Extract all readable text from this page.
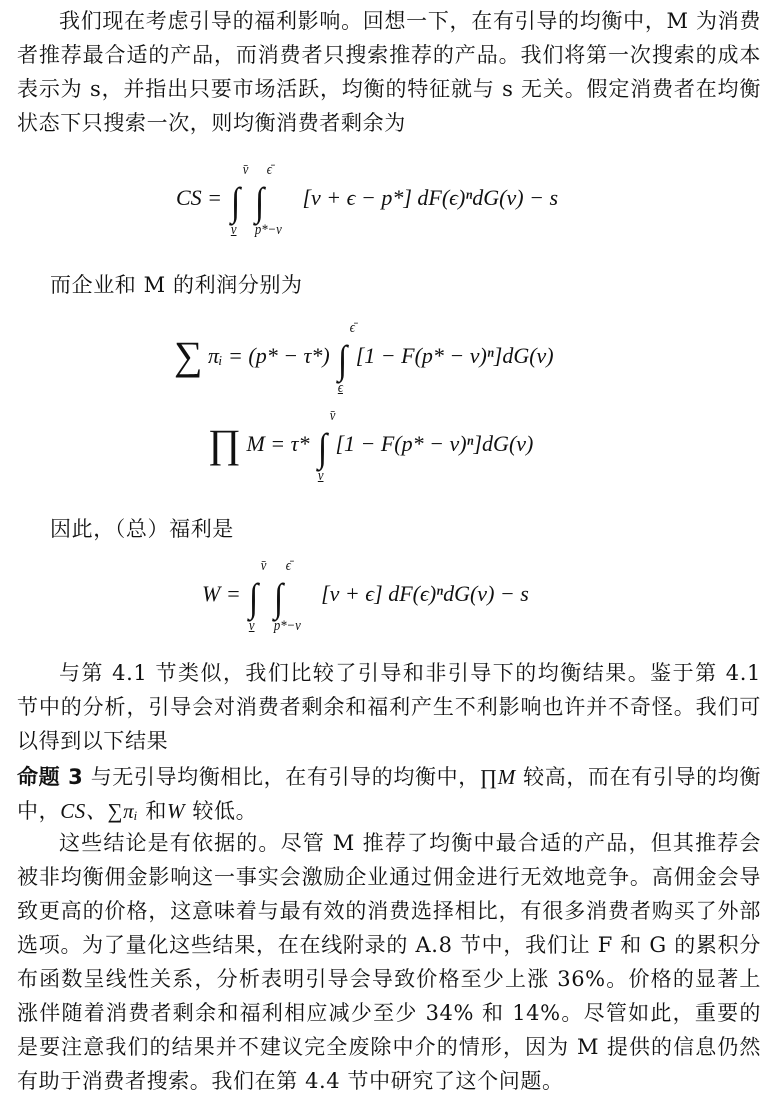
我们现在考虑引导的福利影响。回想一下，在有引导的均衡中，M 为消费者推荐最合适的产品，而消费者只搜索推荐的产品。我们将第一次搜索的成本表示为 s，并指出只要市场活跃，均衡的特征就与 s 无关。假定消费者在均衡状态下只搜索一次，则均衡消费者剩余为

CS = ∫
v̄
v
∫
ϵ̄
p*−v
[v + ϵ − p*] dF(ϵ)ⁿdG(v) − s

而企业和 M 的利润分别为

∑ πᵢ = (p* − τ*) ∫
ϵ̄
ϵ
[1 − F(p* − v)ⁿ]dG(v)
∏ M = τ* ∫
v̄
v
[1 − F(p* − v)ⁿ]dG(v)

因此，（总）福利是

W = ∫
v̄
v
∫
ϵ̄
p*−v
[v + ϵ] dF(ϵ)ⁿdG(v) − s

与第 4.1 节类似，我们比较了引导和非引导下的均衡结果。鉴于第 4.1 节中的分析，引导会对消费者剩余和福利产生不利影响也许并不奇怪。我们可以得到以下结果

命题 3 与无引导均衡相比，在有引导的均衡中，∏M 较高，而在有引导的均衡中，CS、∑πᵢ 和W 较低。

这些结论是有依据的。尽管 M 推荐了均衡中最合适的产品，但其推荐会被非均衡佣金影响这一事实会激励企业通过佣金进行无效地竞争。高佣金会导致更高的价格，这意味着与最有效的消费选择相比，有很多消费者购买了外部选项。为了量化这些结果，在在线附录的 A.8 节中，我们让 F 和 G 的累积分布函数呈线性关系，分析表明引导会导致价格至少上涨 36%。价格的显著上涨伴随着消费者剩余和福利相应减少至少 34% 和 14%。尽管如此，重要的是要注意我们的结果并不建议完全废除中介的情形，因为 M 提供的信息仍然有助于消费者搜索。我们在第 4.4 节中研究了这个问题。
